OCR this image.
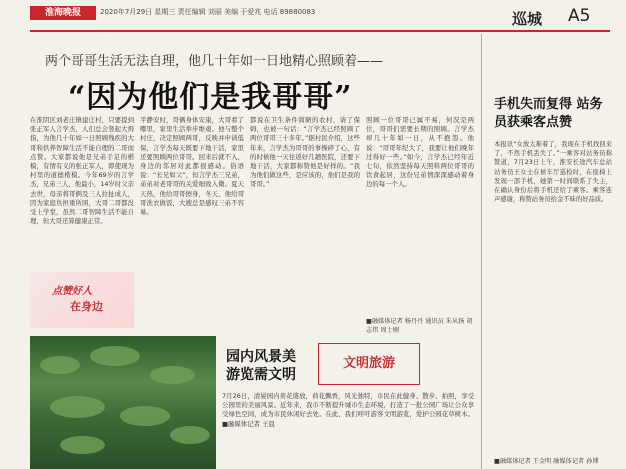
淮海晚报	2020年7月29日 星期三 责任编辑 刘丽 美编 于爱兆 电话 89880083	巡城 A5
两个哥哥生活无法自理，他几十年如一日地精心照顾着——
“因为他们是我哥哥”
在淮阴区刘老庄镇建庄村，只要提到张正军人言学杰，人们总会竖起大拇指，为他几十年如一日照顾残疾的大哥和供养智障生活不能自理的二哥而点赞。大家都说他是兄弟手足的楷模，有情有义的张正军人，即使现为村里的道德楷模。今年69岁的言学杰，兄弟三人，他最小，14岁时父亲去世，母亲将哥俩及三人拉扯成人，因为家庭负担重所困，大哥二哥都没受上学堂，虽然二哥智障生活不能自理，但大哥还算健康正常。
平静安时，哥俩身体安康，大哥看了哪里，家里生活举步维艰。他与整个村庄，决定照顾两哥，反映并申请低保，言学杰每天既要下地干活，家里还要照顾两位哥哥。回来后就不入，身边的邻居对此都很感动。俗语说：“长兄如父”，但言学杰三兄弟，弟弟对老哥哥的关爱细致入微。夏天天热，他给哥哥擦身，冬天，他给哥哥洗衣做饭，大嫂总是感叹三弟不容易。
都说在卫生条件简陋的农村，请了保姆，也被一句话：“言学杰已经照顾了两位哥哥三十多年。”据村民介绍，这些年来，言学杰为哥哥的事操碎了心，有的时候他一天往返好几趟医院，还要下地干活，大家都称赞他是好样的。“我为他们做这些，是应该的，他们是我的哥哥。”
照顾一位哥哥已属不易，何况是两位，哥哥们需要长期的照顾。言学杰却几十年如一日，从不抱怨。他说：“哥哥年纪大了，我要让他们晚年过得好一些。”如今，言学杰已经年近七旬，依然坚持每天照料两位哥哥的饮食起居，这份兄弟情深深感动着身边的每一个人。
点赞好人
在身边
■融媒体记者 杨丹丹 通讯员 朱从扬 胡志伟 周士刚
园内风景美
游览需文明
文明旅游
7月26日，清晏园内荷花盛放，荷花飘香，风光独特，市民在此健身、散步、拍照，享受公园里的美丽风景。近年来，我市不断提升城市生态环境，打造了一批公园广场让公众享受绿色空间，成为市民休闲好去处。在此，我们呼吁游客文明游览，爱护公园花草树木。 ■融媒体记者 王晨
手机失而复得 站务员获乘客点赞
本报讯“女放太难着了，我现在手机找回来了，不然手机丢失了。”一乘客对站务员称赞道，7月23日上午，淮安长途汽车总站站务员王女士在候车厅巡检时，在座椅上发现一部手机，她第一时间联系了失主，在确认身份后将手机还给了乘客。乘客连声感谢，称赞站务员拾金不昧的好品质。
■融媒体记者 王金明 融媒体记者 孙博
